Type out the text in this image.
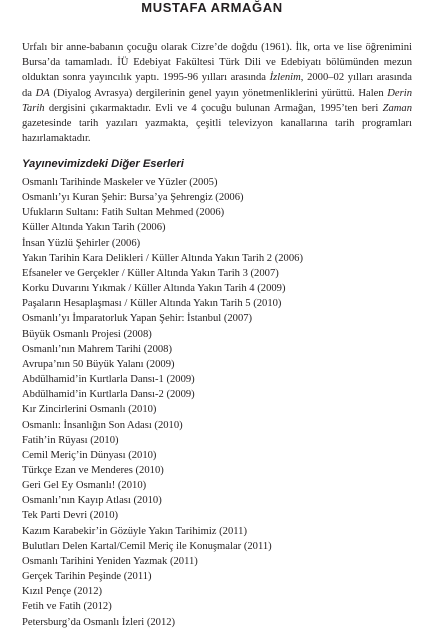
MUSTAFA ARMAĞAN

Urfalı bir anne-babanın çocuğu olarak Cizre’de doğdu (1961). İlk, orta ve lise öğrenimini Bursa’da tamamladı. İÜ Edebiyat Fakültesi Türk Dili ve Edebiyatı bölümünden mezun olduktan sonra yayıncılık yaptı. 1995-96 yılları arasında İzlenim, 2000–02 yılları arasında da DA (Diyalog Avrasya) dergilerinin genel yayın yönetmenliklerini yürüttü. Halen Derin Tarih dergisini çıkarmaktadır. Evli ve 4 çocuğu bulunan Armağan, 1995’ten beri Zaman gazetesinde tarih yazıları yazmakta, çeşitli televizyon kanallarına tarih programları hazırlamaktadır.

Yayınevimizdeki Diğer Eserleri
Osmanlı Tarihinde Maskeler ve Yüzler (2005)
Osmanlı’yı Kuran Şehir: Bursa’ya Şehrengiz (2006)
Ufukların Sultanı: Fatih Sultan Mehmed (2006)
Küller Altında Yakın Tarih (2006)
İnsan Yüzlü Şehirler (2006)
Yakın Tarihin Kara Delikleri / Küller Altında Yakın Tarih 2 (2006)
Efsaneler ve Gerçekler / Küller Altında Yakın Tarih 3 (2007)
Korku Duvarını Yıkmak / Küller Altında Yakın Tarih 4 (2009)
Paşaların Hesaplaşması / Küller Altında Yakın Tarih 5 (2010)
Osmanlı’yı İmparatorluk Yapan Şehir: İstanbul (2007)
Büyük Osmanlı Projesi (2008)
Osmanlı’nın Mahrem Tarihi (2008)
Avrupa’nın 50 Büyük Yalanı (2009)
Abdülhamid’in Kurtlarla Dansı-1 (2009)
Abdülhamid’in Kurtlarla Dansı-2 (2009)
Kır Zincirlerini Osmanlı (2010)
Osmanlı: İnsanlığın Son Adası (2010)
Fatih’in Rüyası (2010)
Cemil Meriç’in Dünyası (2010)
Türkçe Ezan ve Menderes (2010)
Geri Gel Ey Osmanlı! (2010)
Osmanlı’nın Kayıp Atlası (2010)
Tek Parti Devri (2010)
Kazım Karabekir’in Gözüyle Yakın Tarihimiz (2011)
Bulutları Delen Kartal/Cemil Meriç ile Konuşmalar (2011)
Osmanlı Tarihini Yeniden Yazmak (2011)
Gerçek Tarihin Peşinde (2011)
Kızıl Pençe (2012)
Fetih ve Fatih (2012)
Petersburg’da Osmanlı İzleri (2012)
